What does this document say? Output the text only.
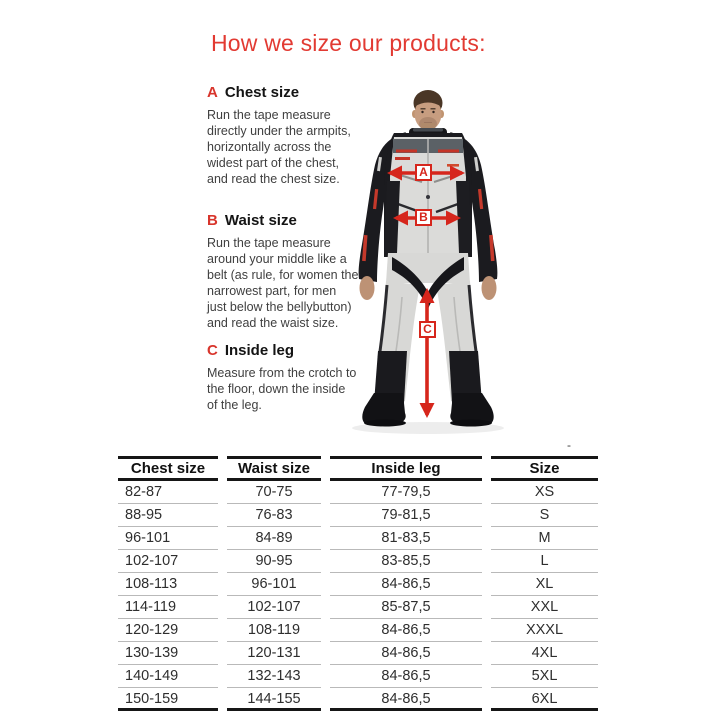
How we size our products:
A Chest size
Run the tape measure directly under the armpits, horizontally across the widest part of the chest, and read the chest size.
B Waist size
Run the tape measure around your middle like a belt (as rule, for women the narrowest part, for men just below the bellybutton) and read the waist size.
C Inside leg
Measure from the crotch to the floor, down the inside of the leg.
A
B
C
-
Chest size	Waist size	Inside leg	Size
82-87	70-75	77-79,5	XS
88-95	76-83	79-81,5	S
96-101	84-89	81-83,5	M
102-107	90-95	83-85,5	L
108-113	96-101	84-86,5	XL
114-119	102-107	85-87,5	XXL
120-129	108-119	84-86,5	XXXL
130-139	120-131	84-86,5	4XL
140-149	132-143	84-86,5	5XL
150-159	144-155	84-86,5	6XL
